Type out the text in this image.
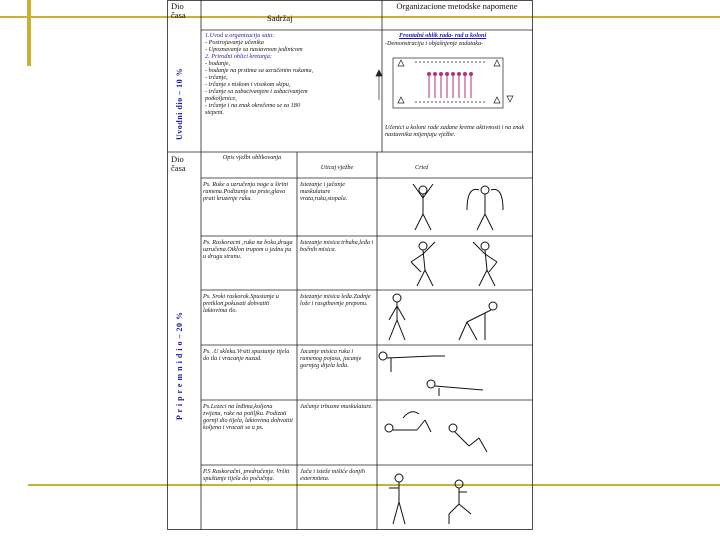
Dio časa	Sadržaj
Organizacione metodske napomene
Uvodni dio – 10 %
1.Uvod u organizaciju sata:
- Postrojavanje učenika
- Upoznavanje sa nastavnom jedinicom
2. Prirodni oblici kretanja:
- hodanje,
- hodanje na prstima sa uzručenim rukama,
- trčanje,
- trčanje s niskom i visokom skipu,
- trčanje sa zabacivanjem i zabacivanjem
potkoljenice,
- trčanje i na znak okrečemo se za 180
stepeni.
Frontalni oblik rada- rad u koloni
-Demonstracija i objašnjenje zadataka-
Učenici u koloni rade zadane kretne aktivnosti i na znak nastavnika mijenjaju vježbe.
P r i p r e m n i d i o – 20 %
Dio časa
Opis vježbi oblikovanja
Uticaj vježbe	Crtež
Ps. Ruke u uzručenju noge u širini ramena.Podizanje na prste,glava prati kruzenje ruku.
Istezanje i jačanje muskulature vrata,ruku,stopala.
Ps. Raskoracni ,ruka na boku,druga uzručena.Otklon trupom u jednu pa u drugu stranu.
Istezanje misica trbuha,leđa i bočnih misica.
Ps. Sroki raskorak.Spustanje u pretklon,pokusati dohvatiti laktovima tlo.
Istezanje misica leđa.Zadnje lože i rasgibavnje preponu.
Ps. .U skleku.Vrsiti spustanje tijela do tla i vracanje nazad.
Jacanje misica ruku i ramenog pojasa, jacanje gornjeg dijela leđa.
Ps.Lezeci na leđima,koljena zvijena, ruke na potiljku. Podizati gornji dio tijela, laktovima dohvatiti koljena i vracati se u ps.
Jačanje trbusne muskulature.
P.S Raskoračni, predručenje. Vršiti spuštanje tijela do počučnja.
Jača i isteže mišiće donjih extermiteta.
